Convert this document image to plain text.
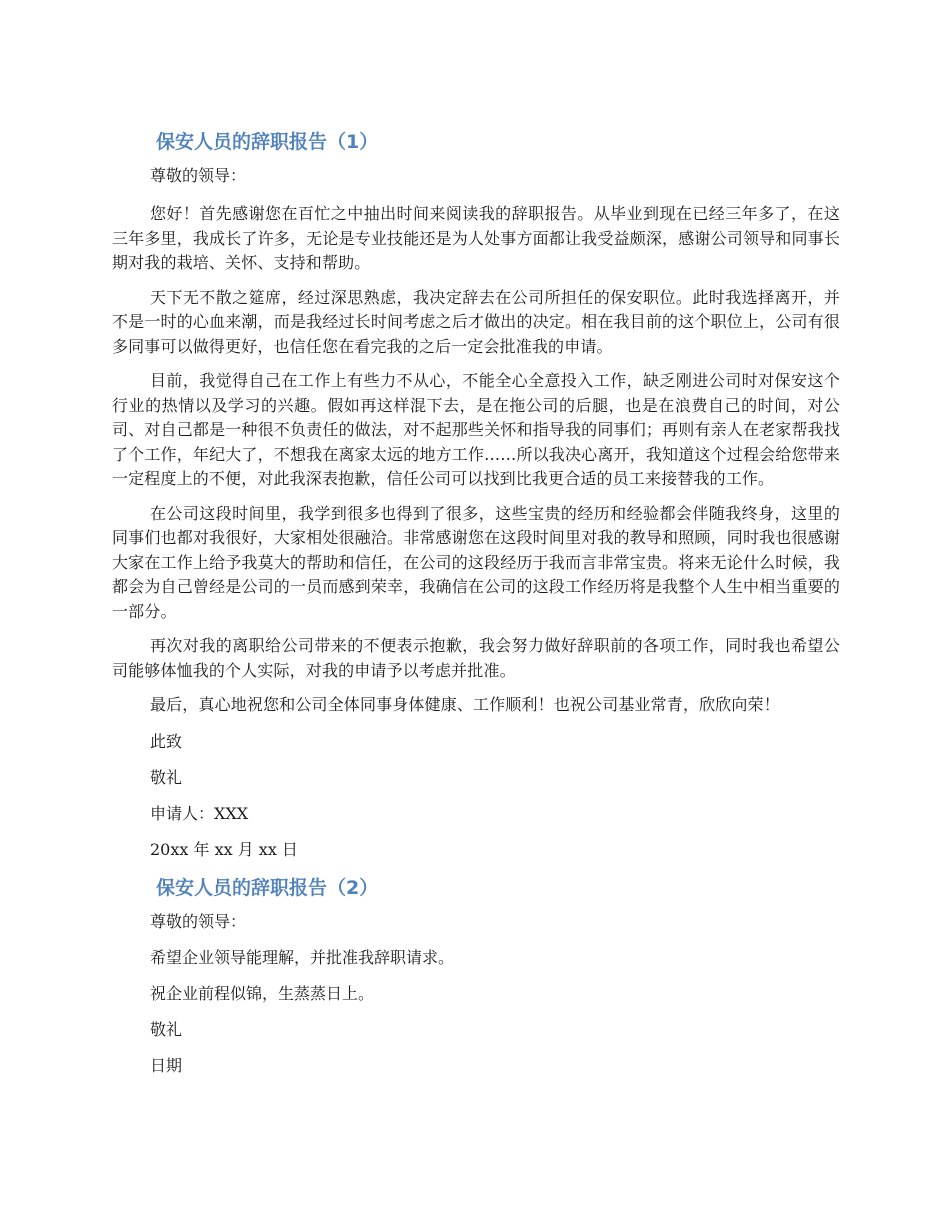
保安人员的辞职报告（1）
尊敬的领导：

您好！首先感谢您在百忙之中抽出时间来阅读我的辞职报告。从毕业到现在已经三年多了，在这三年多里，我成长了许多，无论是专业技能还是为人处事方面都让我受益颇深，感谢公司领导和同事长期对我的栽培、关怀、支持和帮助。

天下无不散之筵席，经过深思熟虑，我决定辞去在公司所担任的保安职位。此时我选择离开，并不是一时的心血来潮，而是我经过长时间考虑之后才做出的决定。相在我目前的这个职位上，公司有很多同事可以做得更好，也信任您在看完我的之后一定会批准我的申请。

目前，我觉得自己在工作上有些力不从心，不能全心全意投入工作，缺乏刚进公司时对保安这个行业的热情以及学习的兴趣。假如再这样混下去，是在拖公司的后腿，也是在浪费自己的时间，对公司、对自己都是一种很不负责任的做法，对不起那些关怀和指导我的同事们；再则有亲人在老家帮我找了个工作，年纪大了，不想我在离家太远的地方工作……所以我决心离开，我知道这个过程会给您带来一定程度上的不便，对此我深表抱歉，信任公司可以找到比我更合适的员工来接替我的工作。

在公司这段时间里，我学到很多也得到了很多，这些宝贵的经历和经验都会伴随我终身，这里的同事们也都对我很好，大家相处很融洽。非常感谢您在这段时间里对我的教导和照顾，同时我也很感谢大家在工作上给予我莫大的帮助和信任，在公司的这段经历于我而言非常宝贵。将来无论什么时候，我都会为自己曾经是公司的一员而感到荣幸，我确信在公司的这段工作经历将是我整个人生中相当重要的一部分。

再次对我的离职给公司带来的不便表示抱歉，我会努力做好辞职前的各项工作，同时我也希望公司能够体恤我的个人实际，对我的申请予以考虑并批准。

最后，真心地祝您和公司全体同事身体健康、工作顺利！也祝公司基业常青，欣欣向荣！

此致
敬礼
申请人：XXX
20xx 年 xx 月 xx 日
保安人员的辞职报告（2）
尊敬的领导：
希望企业领导能理解，并批准我辞职请求。
祝企业前程似锦，生蒸蒸日上。
敬礼
日期
